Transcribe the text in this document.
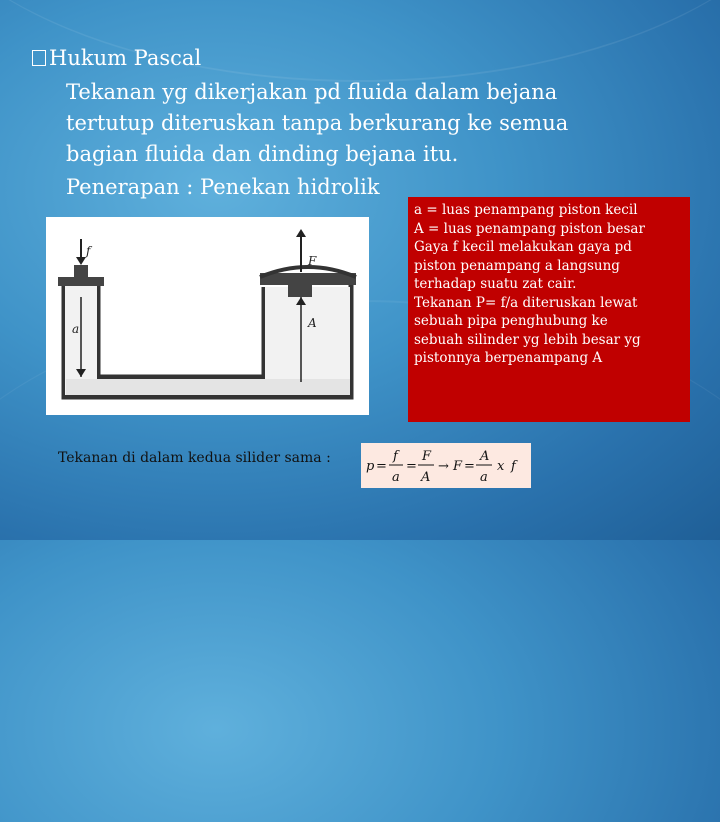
Hukum Pascal

Tekanan yg dikerjakan pd fluida dalam bejana

tertutup diteruskan tanpa berkurang ke semua

bagian fluida dan dinding bejana itu.

Penerapan : Penekan hidrolik
f
a
F
A

a = luas penampang piston kecil

A = luas penampang piston besar

Gaya f kecil melakukan gaya pd

piston penampang a langsung

terhadap suatu zat cair.

Tekanan P= f/a diteruskan lewat

sebuah pipa penghubung ke

sebuah silinder yg lebih besar yg

pistonnya berpenampang A

Tekanan di dalam kedua silider sama :
p =
f
a
=
F
A
→ F =
A
a
x f
